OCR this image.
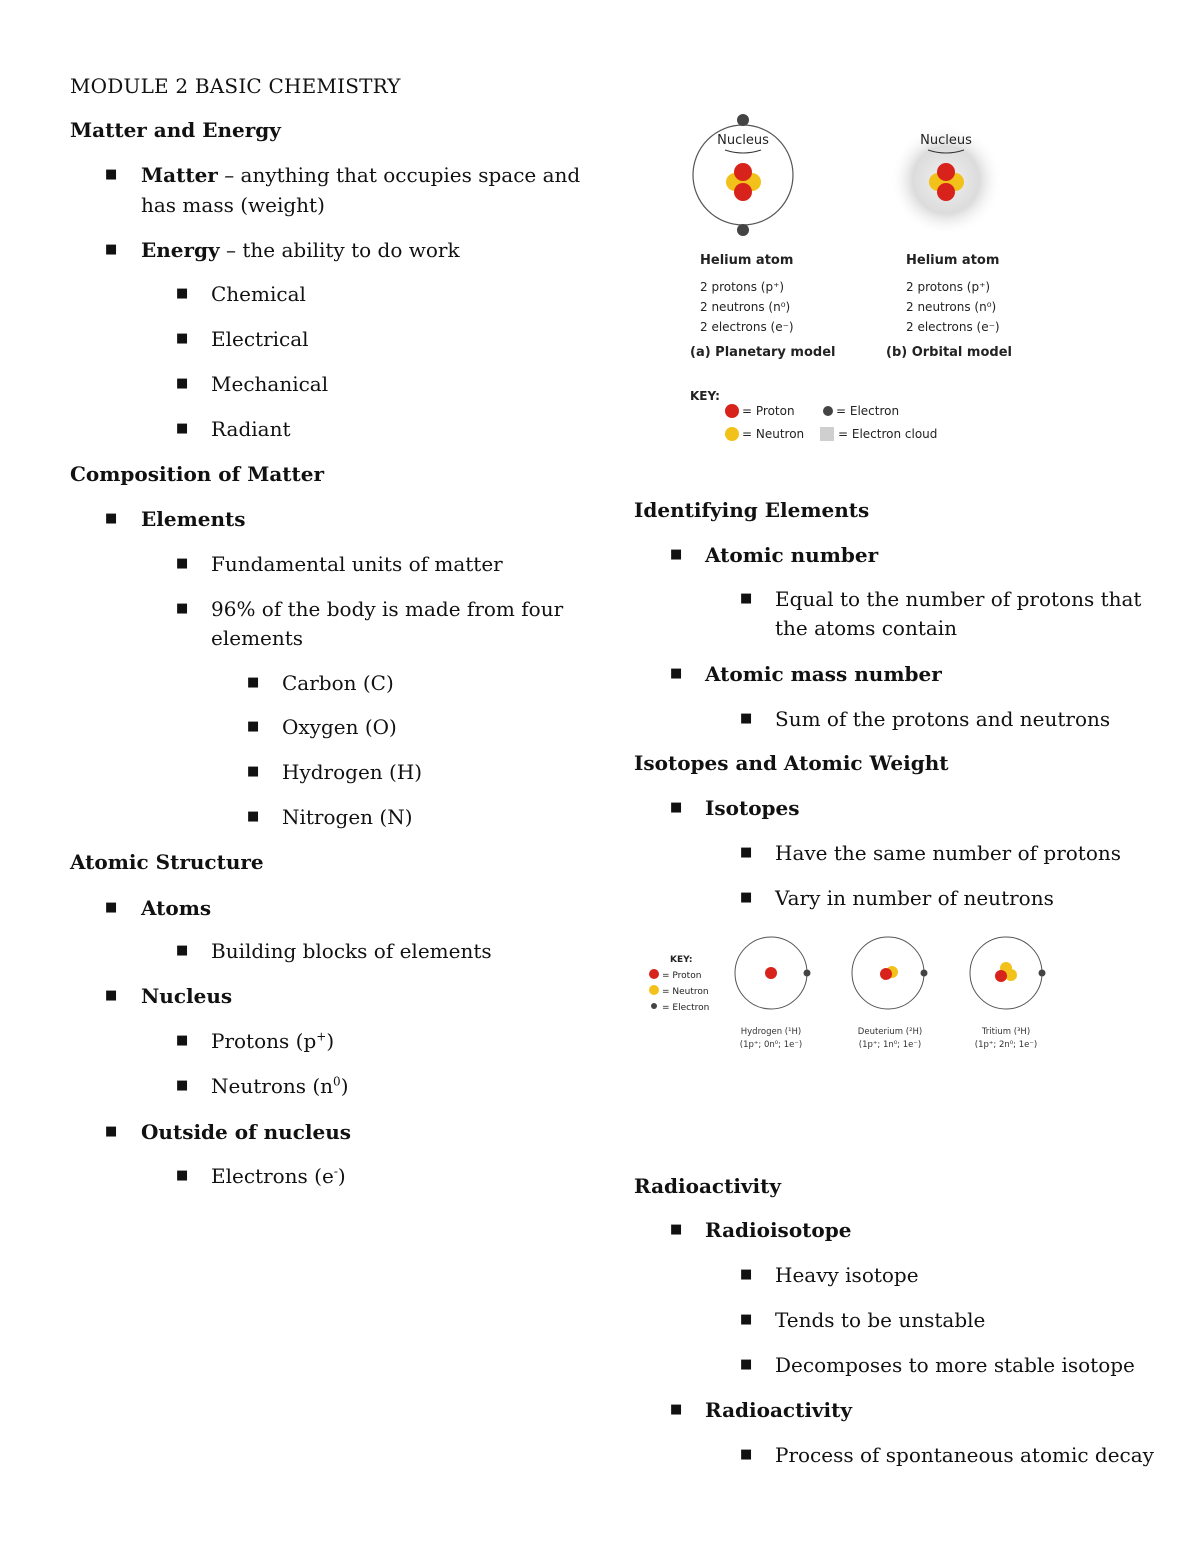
MODULE 2 BASIC CHEMISTRY
Matter and Energy
■ Matter – anything that occupies space and
has mass (weight)
■ Energy – the ability to do work
■ Chemical
■ Electrical
■ Mechanical
■ Radiant
Composition of Matter
■ Elements
■ Fundamental units of matter
■ 96% of the body is made from four
elements
■ Carbon (C)
■ Oxygen (O)
■ Hydrogen (H)
■ Nitrogen (N)
Atomic Structure
■ Atoms
■ Building blocks of elements
■ Nucleus
■ Protons (p+)
■ Neutrons $(n^0)$
■ Outside of nucleus
■ Electrons (e-)
Nucleus	Nucleus
Helium atom	Helium atom
2 protons (p⁺)
2 neutrons (n⁰)
2 electrons (e⁻)
2 protons (p⁺)
2 neutrons (n⁰)
2 electrons (e⁻)
(a) Planetary model	(b) Orbital model
KEY:
= Proton
= Neutron
= Electron
= Electron cloud
Identifying Elements
■ Atomic number
■ Equal to the number of protons that
the atoms contain
■ Atomic mass number
■ Sum of the protons and neutrons
Isotopes and Atomic Weight
■ Isotopes
■ Have the same number of protons
■ Vary in number of neutrons
KEY:
= Proton
= Neutron
= Electron
Hydrogen (¹H)
(1p⁺; 0n⁰; 1e⁻)
Deuterium (²H)
(1p⁺; 1n⁰; 1e⁻)
Tritium (³H)
(1p⁺; 2n⁰; 1e⁻)
Radioactivity
■ Radioisotope
■ Heavy isotope
■ Tends to be unstable
■ Decomposes to more stable isotope
■ Radioactivity
■ Process of spontaneous atomic decay
